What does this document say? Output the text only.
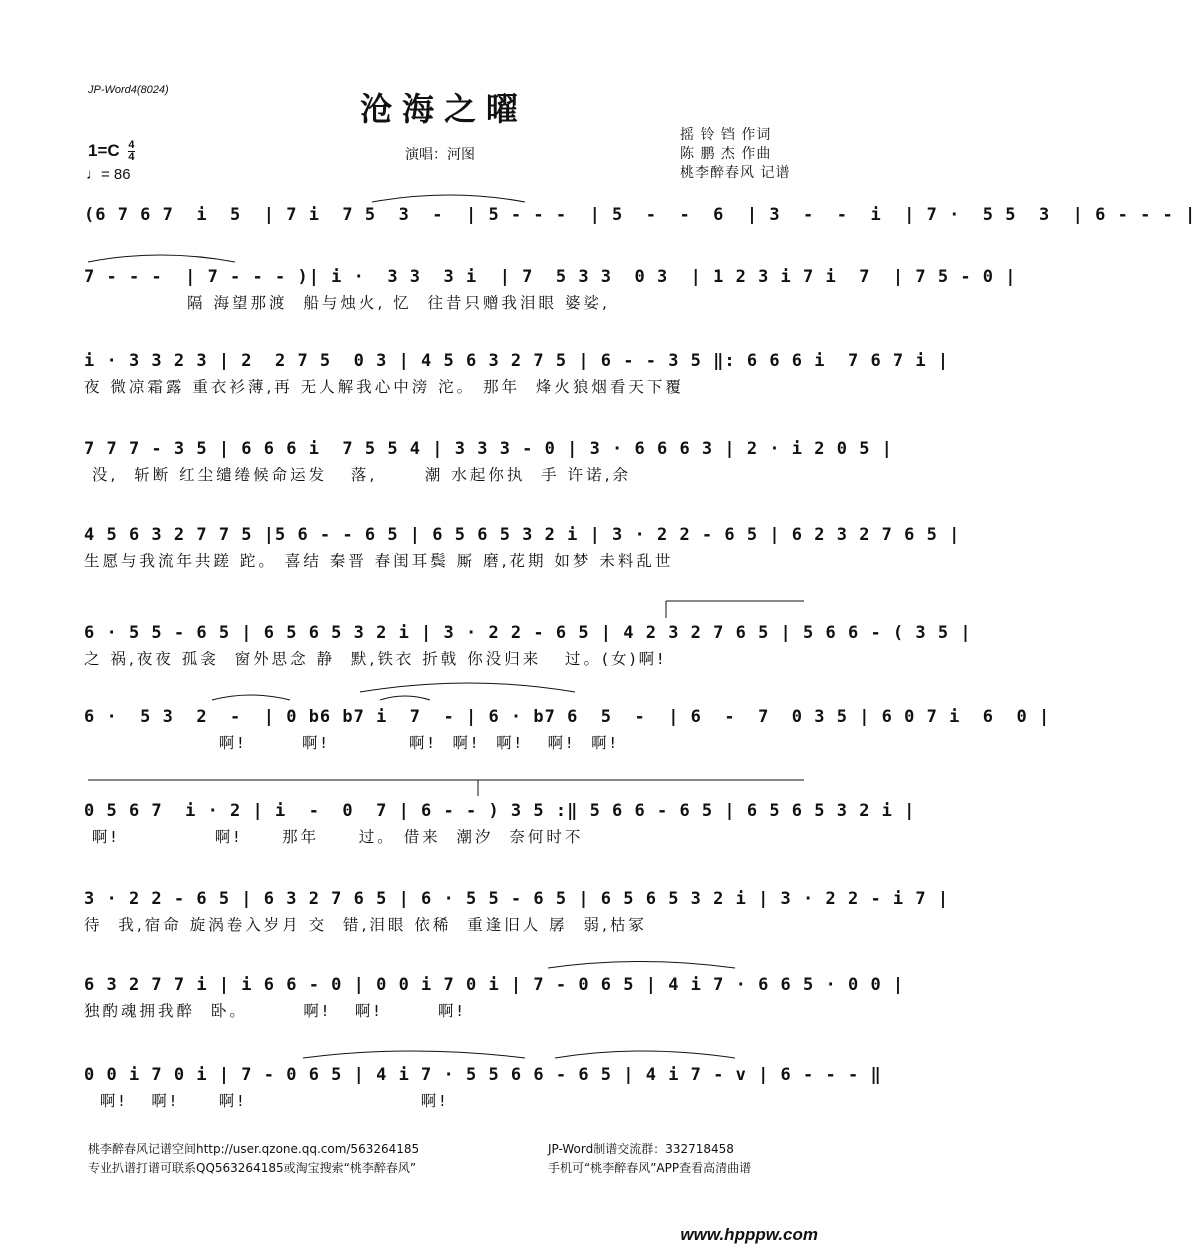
JP-Word4(8024)	沧海之曜
$1=C \frac{4}{4}$
♩= 86
演唱：河图
摇 铃 铛 作词
陈 鹏 杰 作曲
桃李醉春风 记谱
(6 7 6 7  i  5  | 7 i  7 5  3  -  | 5 - - -  | 5  -  -  6  | 3  -  -  i  | 7 ·  5 5  3  | 6 - - - |
7 - - -  | 7 - - - )| i ·  3 3  3 i  | 7  5 3 3  0 3  | 1 2 3 i 7 i  7  | 7 5 - 0 |
隔 海望那渡  船与烛火, 忆  往昔只赠我泪眼 婆娑,
i · 3 3 2 3 | 2  2 7 5  0 3 | 4 5 6 3 2 7 5 | 6 - - 3 5 ‖: 6 6 6 i  7 6 7 i |
夜 微凉霜露 重衣衫薄,再 无人解我心中滂 沱。 那年  烽火狼烟看天下覆
7 7 7 - 3 5 | 6 6 6 i  7 5 5 4 | 3 3 3 - 0 | 3 · 6 6 6 3 | 2 · i 2 0 5 |
没,  斩断 红尘缱绻候命运发   落,      潮 水起你执  手 许诺,余
4 5 6 3 2 7 7 5 |5 6 - - 6 5 | 6 5 6 5 3 2 i | 3 · 2 2 - 6 5 | 6 2 3 2 7 6 5 |
生愿与我流年共蹉 跎。 喜结 秦晋 春闺耳鬓 厮 磨,花期 如梦 未料乱世
6 · 5 5 - 6 5 | 6 5 6 5 3 2 i | 3 · 2 2 - 6 5 | 4 2 3 2 7 6 5 | 5 6 6 - ( 3 5 |
之 祸,夜夜 孤衾  窗外思念 静  默,铁衣 折戟 你没归来   过。(女)啊!
6 ·  5 3  2  -  | 0 b6 b7 i  7  - | 6 · b7 6  5  -  | 6  -  7  0 3 5 | 6 0 7 i  6  0 |
啊!       啊!          啊!  啊!  啊!   啊!  啊!
0 5 6 7  i · 2 | i  -  0  7 | 6 - - ) 3 5 :‖ 5 6 6 - 6 5 | 6 5 6 5 3 2 i |
啊!            啊!     那年     过。 借来  潮汐  奈何时不
3 · 2 2 - 6 5 | 6 3 2 7 6 5 | 6 · 5 5 - 6 5 | 6 5 6 5 3 2 i | 3 · 2 2 - i 7 |
待  我,宿命 旋涡卷入岁月 交  错,泪眼 依稀  重逢旧人 孱  弱,枯冢
6 3 2 7 7 i | i 6 6 - 0 | 0 0 i 7 0 i | 7 - 0 6 5 | 4 i 7 · 6 6 5 · 0 0 |
独酌魂拥我醉  卧。       啊!   啊!       啊!
0 0 i 7 0 i | 7 - 0 6 5 | 4 i 7 · 5 5 6 6 - 6 5 | 4 i 7 - v | 6 - - - ‖
啊!   啊!     啊!                      啊!
桃李醉春风记谱空间http://user.qzone.qq.com/563264185
专业扒谱打谱可联系QQ563264185或淘宝搜索“桃李醉春风”
JP-Word制谱交流群：332718458
手机可“桃李醉春风”APP查看高清曲谱
www.hpppw.com
